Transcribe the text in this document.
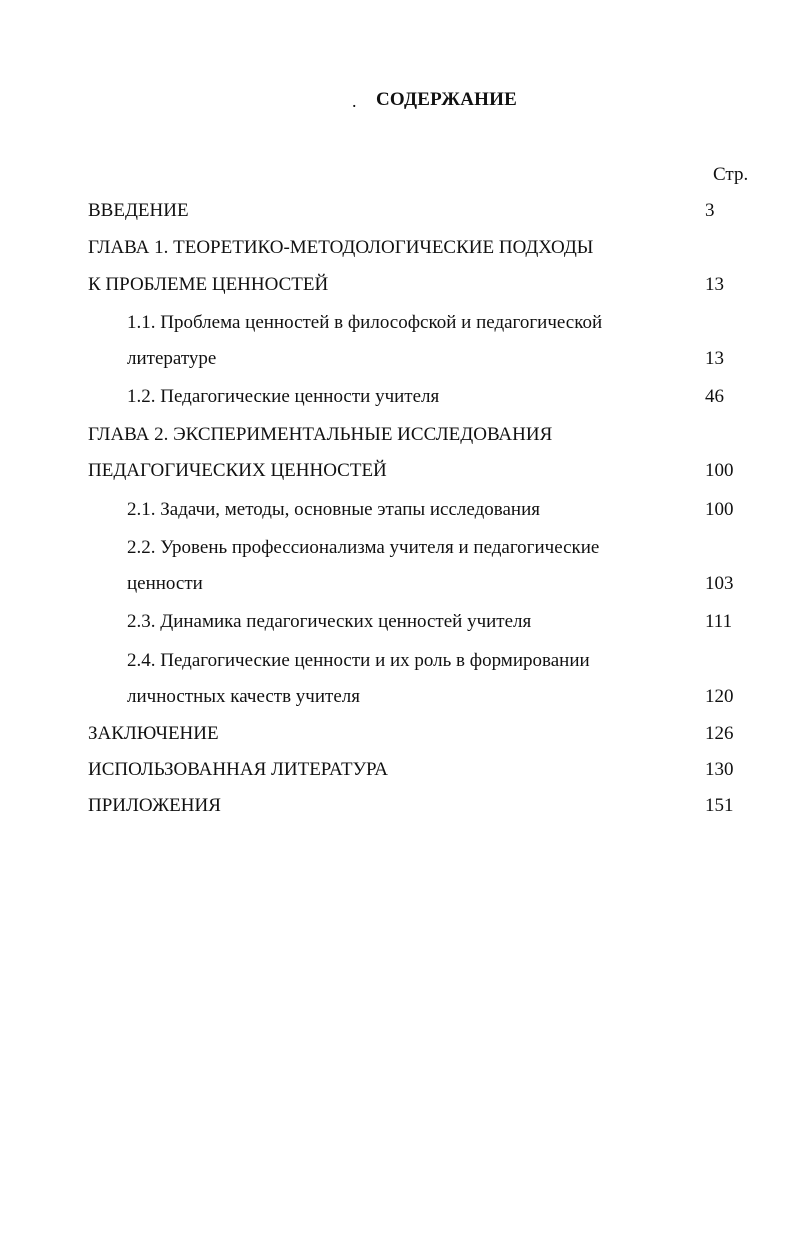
. СОДЕРЖАНИЕ
Стр.
ВВЕДЕНИЕ	3
ГЛАВА 1. ТЕОРЕТИКО-МЕТОДОЛОГИЧЕСКИЕ ПОДХОДЫ
К ПРОБЛЕМЕ ЦЕННОСТЕЙ	13
1.1. Проблема ценностей в философской и педагогической
литературе	13
1.2. Педагогические ценности учителя	46
ГЛАВА 2. ЭКСПЕРИМЕНТАЛЬНЫЕ ИССЛЕДОВАНИЯ
ПЕДАГОГИЧЕСКИХ ЦЕННОСТЕЙ	100
2.1. Задачи, методы, основные этапы исследования	100
2.2. Уровень профессионализма учителя и педагогические
ценности	103
2.3. Динамика педагогических ценностей учителя	111
2.4. Педагогические ценности и их роль в формировании
личностных качеств учителя	120
ЗАКЛЮЧЕНИЕ	126
ИСПОЛЬЗОВАННАЯ ЛИТЕРАТУРА	130
ПРИЛОЖЕНИЯ	151
